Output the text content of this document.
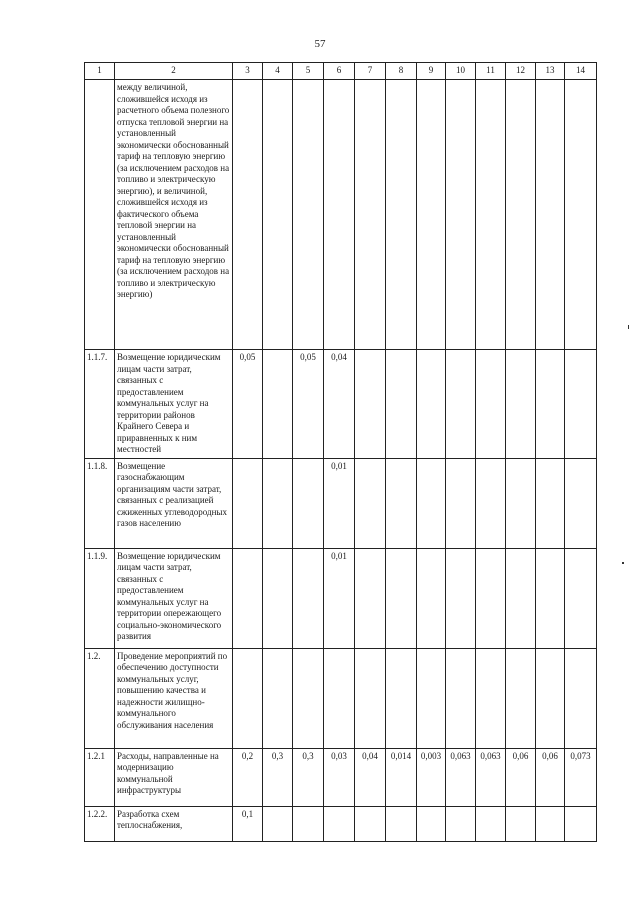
57
1	2	3	4	5	6	7	8	9	10	11	12	13	14
	между величиной, сложившейся исходя из расчетного объема полезного отпуска тепловой энергии на установленный экономически обоснованный тариф на тепловую энергию (за исключением расходов на топливо и электрическую энергию), и величиной, сложившейся исходя из фактического объема тепловой энергии на установленный экономически обоснованный тариф на тепловую энергию (за исключением расходов на топливо и электрическую энергию)												
1.1.7.	Возмещение юридическим лицам части затрат, связанных с предоставлением коммунальных услуг на территории районов Крайнего Севера и приравненных к ним местностей	0,05		0,05	0,04								
1.1.8.	Возмещение газоснабжающим организациям части затрат, связанных с реализацией сжиженных углеводородных газов населению				0,01								
1.1.9.	Возмещение юридическим лицам части затрат, связанных с предоставлением коммунальных услуг на территории опережающего социально-экономического развития				0,01								
1.2.	Проведение мероприятий по обеспечению доступности коммунальных услуг, повышению качества и надежности жилищно-коммунального обслуживания населения												
1.2.1	Расходы, направленные на модернизацию коммунальной инфраструктуры	0,2	0,3	0,3	0,03	0,04	0,014	0,003	0,063	0,063	0,06	0,06	0,073
1.2.2.	Разработка схем теплоснабжения,	0,1											
